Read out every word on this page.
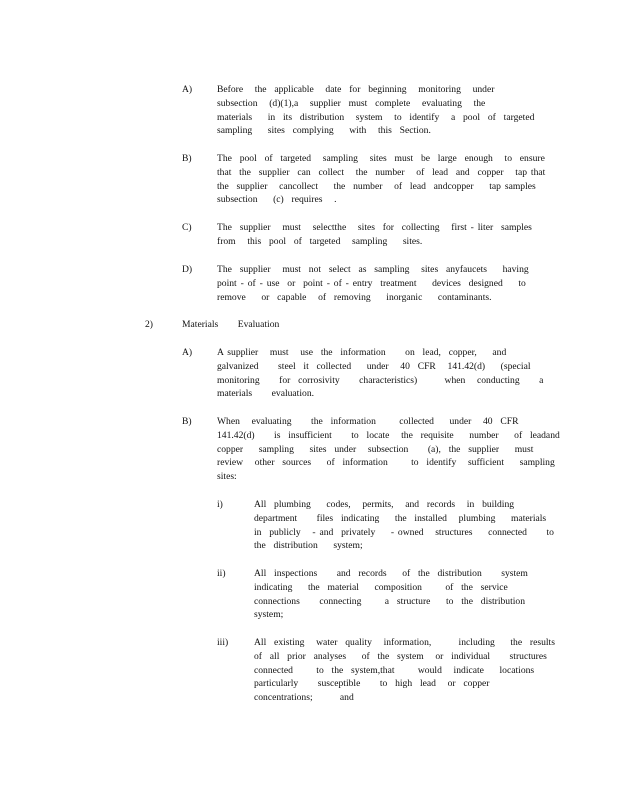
A)	Before   the  applicable   date  for  beginning   monitoring   under
subsection   (d)(1),a   supplier  must  complete   evaluating   the
materials    in  its  distribution   system   to  identify   a  pool  of  targeted
sampling    sites  complying    with   this  Section.
B)	The  pool  of  targeted   sampling   sites  must  be  large  enough   to  ensure
that  the  supplier  can  collect   the  number   of  lead  and  copper   tap that
the  supplier   cancollect    the  number   of  lead  andcopper    tap samples
subsection    (c)  requires   .
C)	The  supplier   must   selectthe   sites  for  collecting   first - liter  samples
from   this  pool  of  targeted   sampling    sites.
D)	The  supplier   must  not  select  as  sampling   sites  anyfaucets    having
point - of - use  or  point - of - entry  treatment    devices  designed    to
remove    or  capable   of  removing    inorganic    contaminants.
2)	Materials     Evaluation
A)	A supplier   must   use  the  information     on  lead,  copper,    and
galvanized     steel  it  collected    under   40  CFR   141.42(d)    (special
monitoring     for  corrosivity     characteristics)       when   conducting     a
materials     evaluation.
B)	When   evaluating     the  information      collected    under   40  CFR
141.42(d)     is  insufficient     to  locate   the  requisite    number    of  leadand
copper    sampling    sites  under   subsection     (a),  the  supplier    must
review   other  sources    of  information      to  identify   sufficient    sampling
sites:
i)	All  plumbing    codes,   permits,   and  records   in  building
department     files  indicating    the  installed   plumbing    materials
in  publicly   - and  privately    - owned   structures    connected     to
the  distribution    system;
ii)	All  inspections     and  records    of  the  distribution     system
indicating    the  material    composition      of  the  service
connections     connecting      a  structure    to  the  distribution
system;
iii)	All  existing   water  quality   information,       including    the  results
of  all  prior  analyses    of  the  system   or  individual     structures
connected      to  the  system,that      would   indicate    locations
particularly     susceptible     to  high  lead   or  copper
concentrations;       and
